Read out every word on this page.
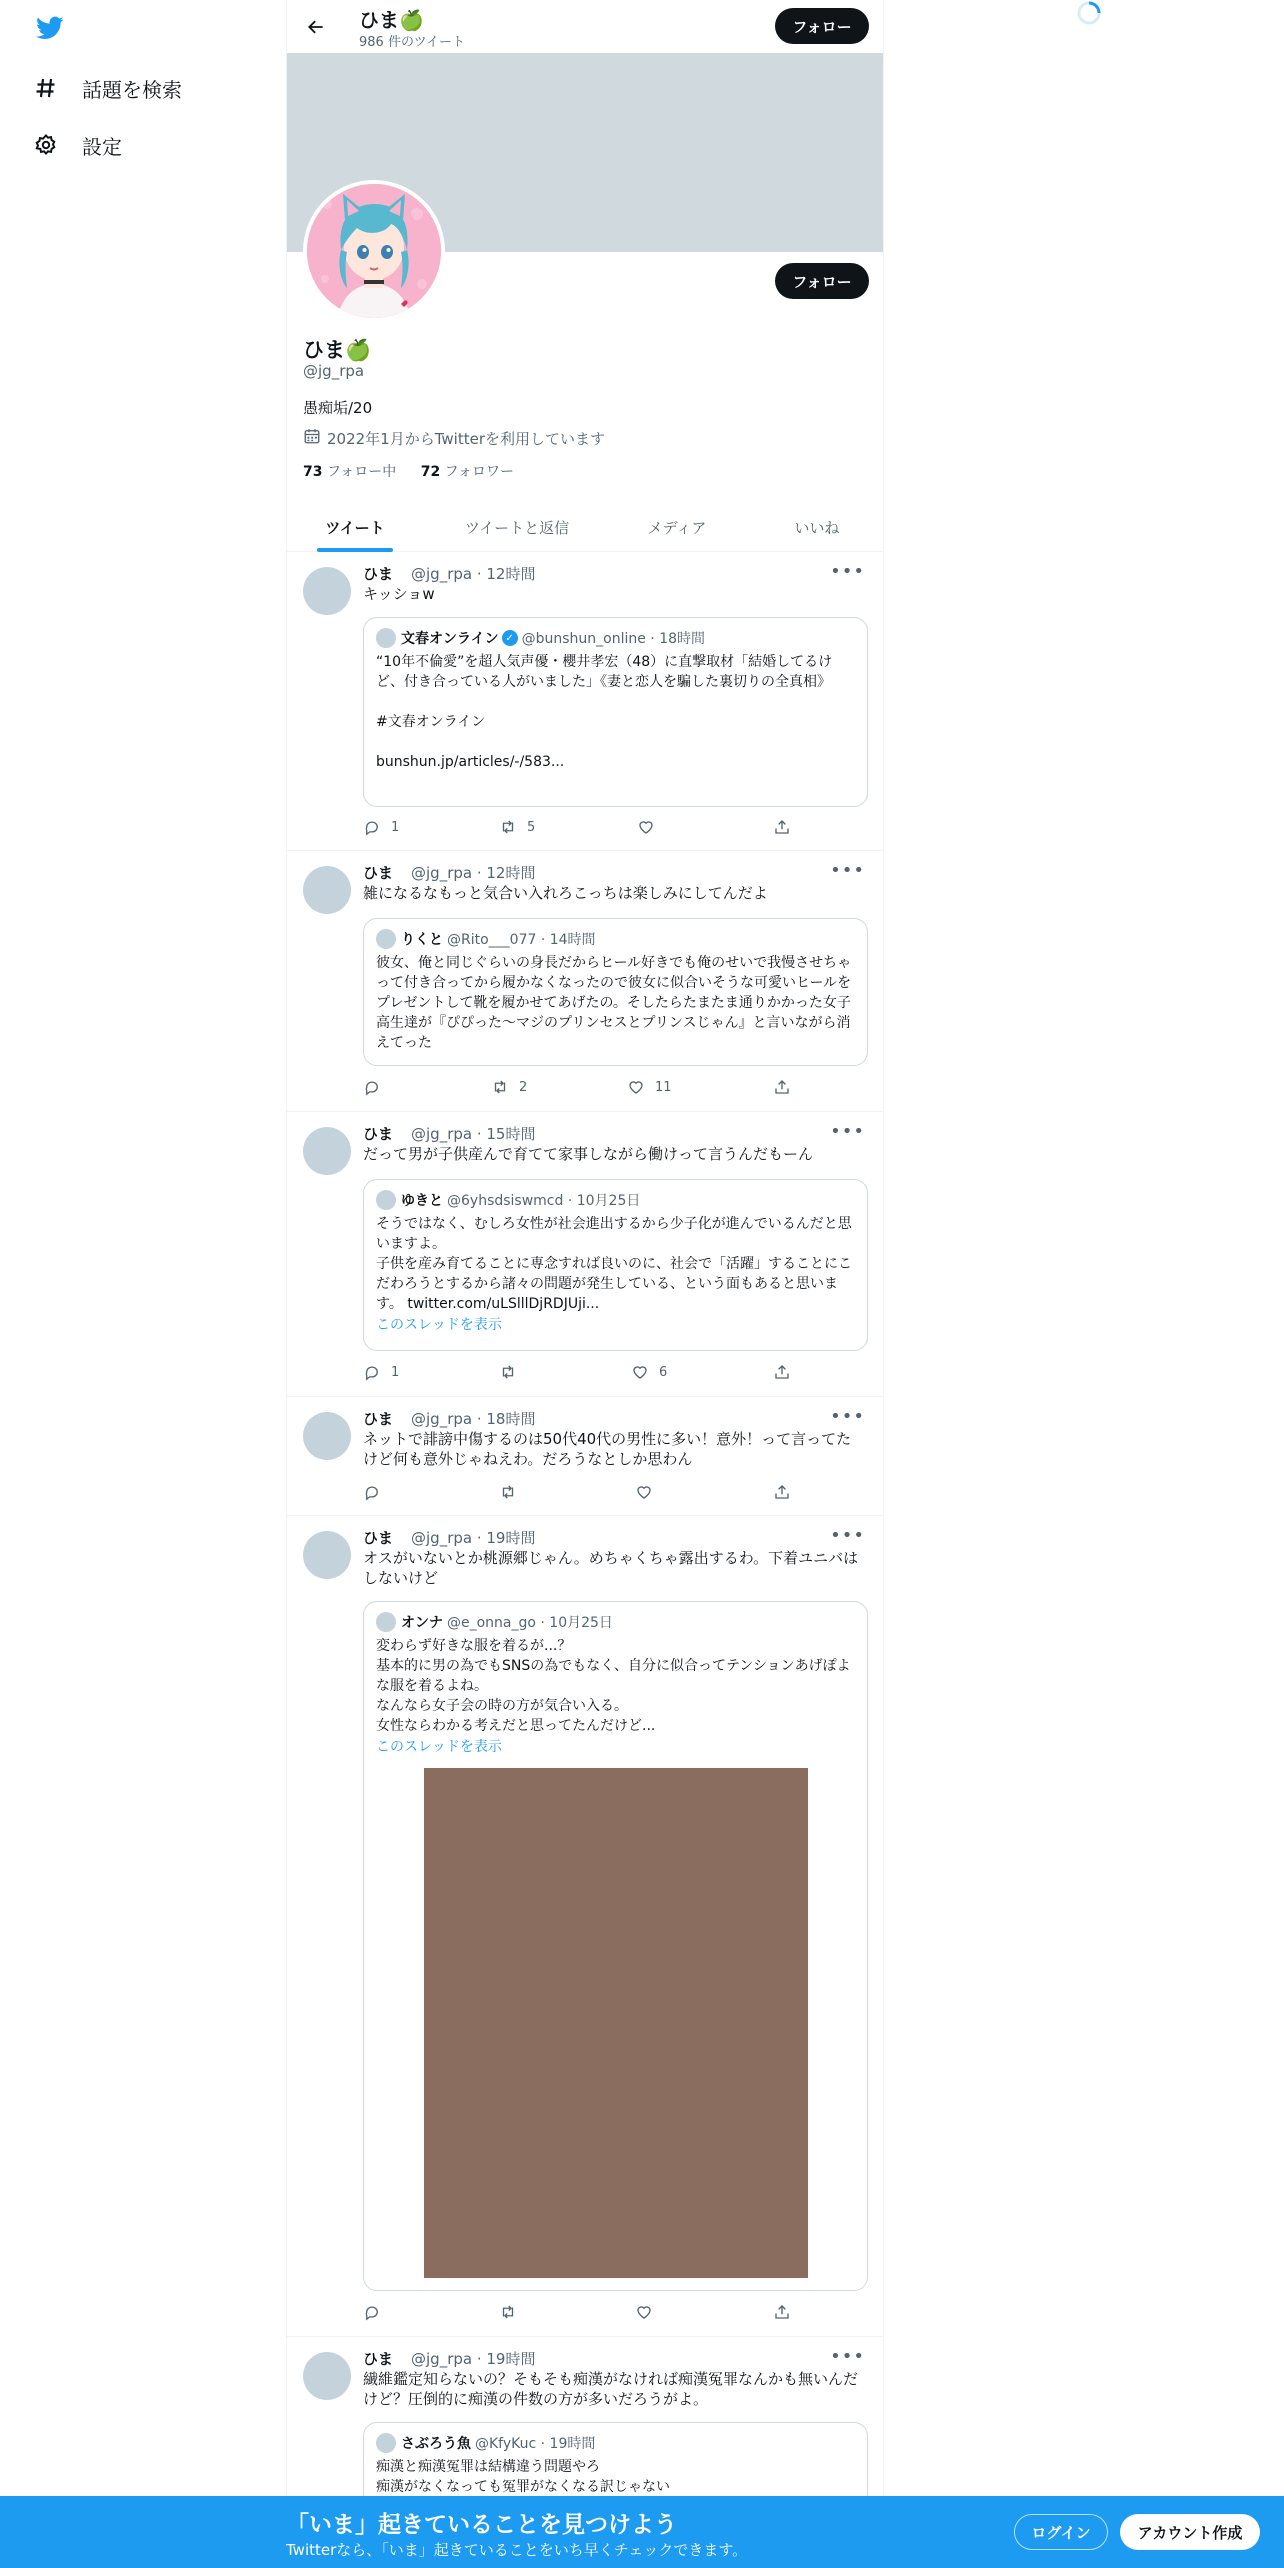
話題を検索
設定
ひま🍏
986 件のツイート
フォロー
フォロー
ひま🍏
@jg_rpa
愚痴垢/20
2022年1月からTwitterを利用しています
73 フォロー中 72 フォロワー
ツイート	ツイートと返信	メディア	いいね
ひま @jg_rpa · 12時間	•••
キッショw
文春オンライン ✓ @bunshun_online · 18時間
“10年不倫愛”を超人気声優・櫻井孝宏（48）に直撃取材「結婚してるけど、付き合っている人がいました」《妻と恋人を騙した裏切りの全真相》

#文春オンライン

bunshun.jp/articles/-/583...
1	5
ひま @jg_rpa · 12時間	•••
雑になるなもっと気合い入れろこっちは楽しみにしてんだよ
りくと @Rito___077 · 14時間
彼女、俺と同じぐらいの身長だからヒール好きでも俺のせいで我慢させちゃって付き合ってから履かなくなったので彼女に似合いそうな可愛いヒールをプレゼントして靴を履かせてあげたの。そしたらたまたま通りかかった女子高生達が『ぴぴった〜マジのプリンセスとプリンスじゃん』と言いながら消えてった
2	11
ひま @jg_rpa · 15時間	•••
だって男が子供産んで育てて家事しながら働けって言うんだもーん
ゆきと @6yhsdsiswmcd · 10月25日
そうではなく、むしろ女性が社会進出するから少子化が進んでいるんだと思いますよ。
子供を産み育てることに専念すれば良いのに、社会で「活躍」することにこだわろうとするから諸々の問題が発生している、という面もあると思います。 twitter.com/uLSlllDjRDJUji...
このスレッドを表示
1	6
ひま @jg_rpa · 18時間	•••
ネットで誹謗中傷するのは50代40代の男性に多い！意外！って言ってたけど何も意外じゃねえわ。だろうなとしか思わん
ひま @jg_rpa · 19時間	•••
オスがいないとか桃源郷じゃん。めちゃくちゃ露出するわ。下着ユニバはしないけど
オンナ @e_onna_go · 10月25日
変わらず好きな服を着るが...？
基本的に男の為でもSNSの為でもなく、自分に似合ってテンションあげぽよな服を着るよね。
なんなら女子会の時の方が気合い入る。
女性ならわかる考えだと思ってたんだけど...
このスレッドを表示
ひま @jg_rpa · 19時間	•••
繊維鑑定知らないの？そもそも痴漢がなければ痴漢冤罪なんかも無いんだけど？圧倒的に痴漢の件数の方が多いだろうがよ。
さぶろう魚 @KfyKuc · 19時間
痴漢と痴漢冤罪は結構違う問題やろ
痴漢がなくなっても冤罪がなくなる訳じゃない
「いま」起きていることを見つけよう
Twitterなら、「いま」起きていることをいち早くチェックできます。
ログイン	アカウント作成
